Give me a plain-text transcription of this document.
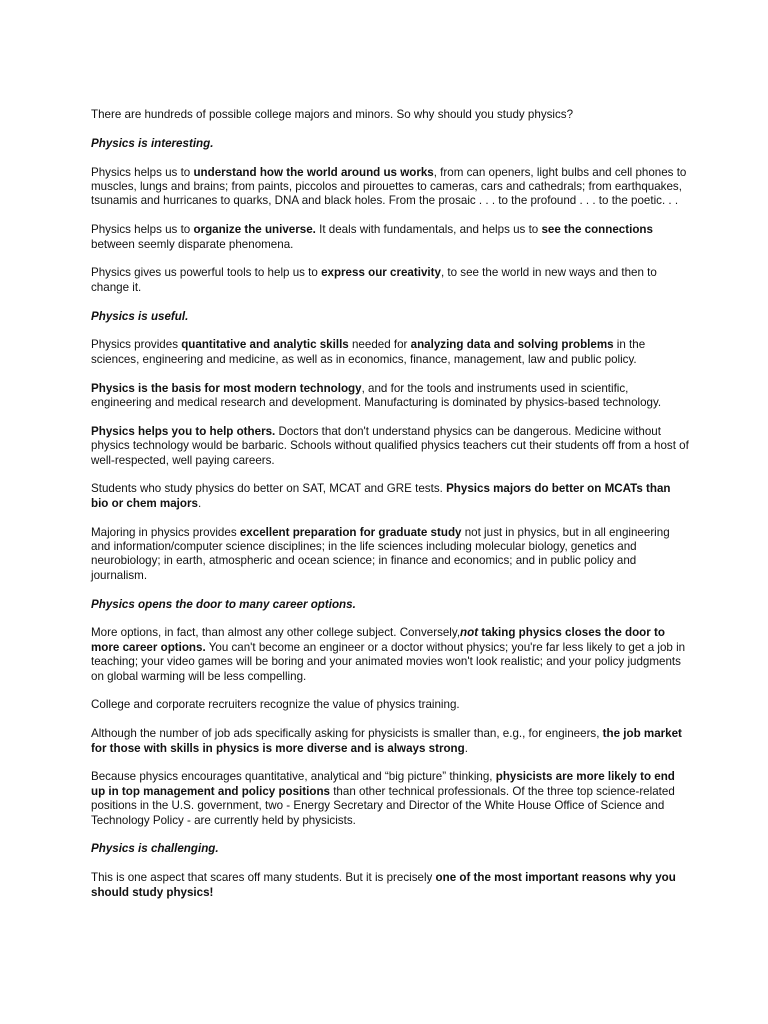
There are hundreds of possible college majors and minors. So why should you study physics?

Physics is interesting.

Physics helps us to understand how the world around us works, from can openers, light bulbs and cell phones to muscles, lungs and brains; from paints, piccolos and pirouettes to cameras, cars and cathedrals; from earthquakes, tsunamis and hurricanes to quarks, DNA and black holes. From the prosaic . . . to the profound . . . to the poetic. . .

Physics helps us to organize the universe. It deals with fundamentals, and helps us to see the connections between seemly disparate phenomena.

Physics gives us powerful tools to help us to express our creativity, to see the world in new ways and then to change it.

Physics is useful.

Physics provides quantitative and analytic skills needed for analyzing data and solving problems in the sciences, engineering and medicine, as well as in economics, finance, management, law and public policy.

Physics is the basis for most modern technology, and for the tools and instruments used in scientific, engineering and medical research and development. Manufacturing is dominated by physics-based technology.

Physics helps you to help others. Doctors that don't understand physics can be dangerous. Medicine without physics technology would be barbaric. Schools without qualified physics teachers cut their students off from a host of well-respected, well paying careers.

Students who study physics do better on SAT, MCAT and GRE tests. Physics majors do better on MCATs than bio or chem majors.

Majoring in physics provides excellent preparation for graduate study not just in physics, but in all engineering and information/computer science disciplines; in the life sciences including molecular biology, genetics and neurobiology; in earth, atmospheric and ocean science; in finance and economics; and in public policy and journalism.

Physics opens the door to many career options.

More options, in fact, than almost any other college subject. Conversely,not taking physics closes the door to more career options. You can't become an engineer or a doctor without physics; you're far less likely to get a job in teaching; your video games will be boring and your animated movies won't look realistic; and your policy judgments on global warming will be less compelling.

College and corporate recruiters recognize the value of physics training.

Although the number of job ads specifically asking for physicists is smaller than, e.g., for engineers, the job market for those with skills in physics is more diverse and is always strong.

Because physics encourages quantitative, analytical and “big picture” thinking, physicists are more likely to end up in top management and policy positions than other technical professionals. Of the three top science-related positions in the U.S. government, two - Energy Secretary and Director of the White House Office of Science and Technology Policy - are currently held by physicists.

Physics is challenging.

This is one aspect that scares off many students. But it is precisely one of the most important reasons why you should study physics!
